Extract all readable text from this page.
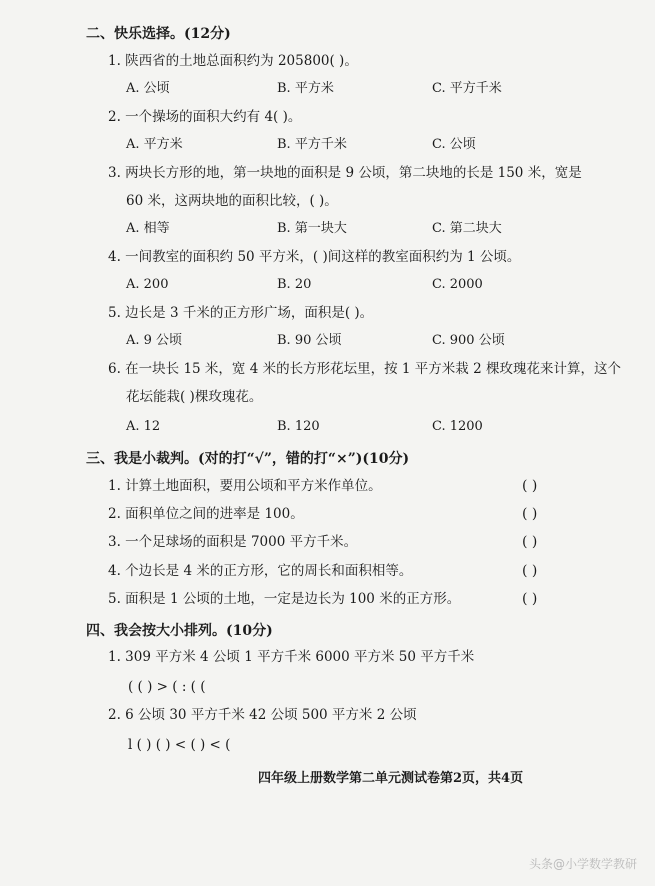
二、快乐选择。(12分)
1. 陕西省的土地总面积约为 205800( )。
A. 公顷	B. 平方米	C. 平方千米
2. 一个操场的面积大约有 4( )。
A. 平方米	B. 平方千米	C. 公顷
3. 两块长方形的地，第一块地的面积是 9 公顷，第二块地的长是 150 米，宽是
60 米，这两块地的面积比较，( )。
A. 相等	B. 第一块大	C. 第二块大
4. 一间教室的面积约 50 平方米，( )间这样的教室面积约为 1 公顷。
A. 200	B. 20	C. 2000
5. 边长是 3 千米的正方形广场，面积是( )。
A. 9 公顷	B. 90 公顷	C. 900 公顷
6. 在一块长 15 米，宽 4 米的长方形花坛里，按 1 平方米栽 2 棵玫瑰花来计算，这个
花坛能栽( )棵玫瑰花。
A. 12	B. 120	C. 1200
三、我是小裁判。(对的打“√”，错的打“×”)(10分)
1. 计算土地面积，要用公顷和平方米作单位。	( )
2. 面积单位之间的进率是 100。	( )
3. 一个足球场的面积是 7000 平方千米。	( )
4. 个边长是 4 米的正方形，它的周长和面积相等。	( )
5. 面积是 1 公顷的土地，一定是边长为 100 米的正方形。	( )
四、我会按大小排列。(10分)
1. 309 平方米 4 公顷 1 平方千米 6000 平方米 50 平方千米
( ( ) > ( : ( (
2. 6 公顷 30 平方千米 42 公顷 500 平方米 2 公顷
l ( ) ( ) < ( ) < (
四年级上册数学第二单元测试卷第2页，共4页
头条@小学数学教研
